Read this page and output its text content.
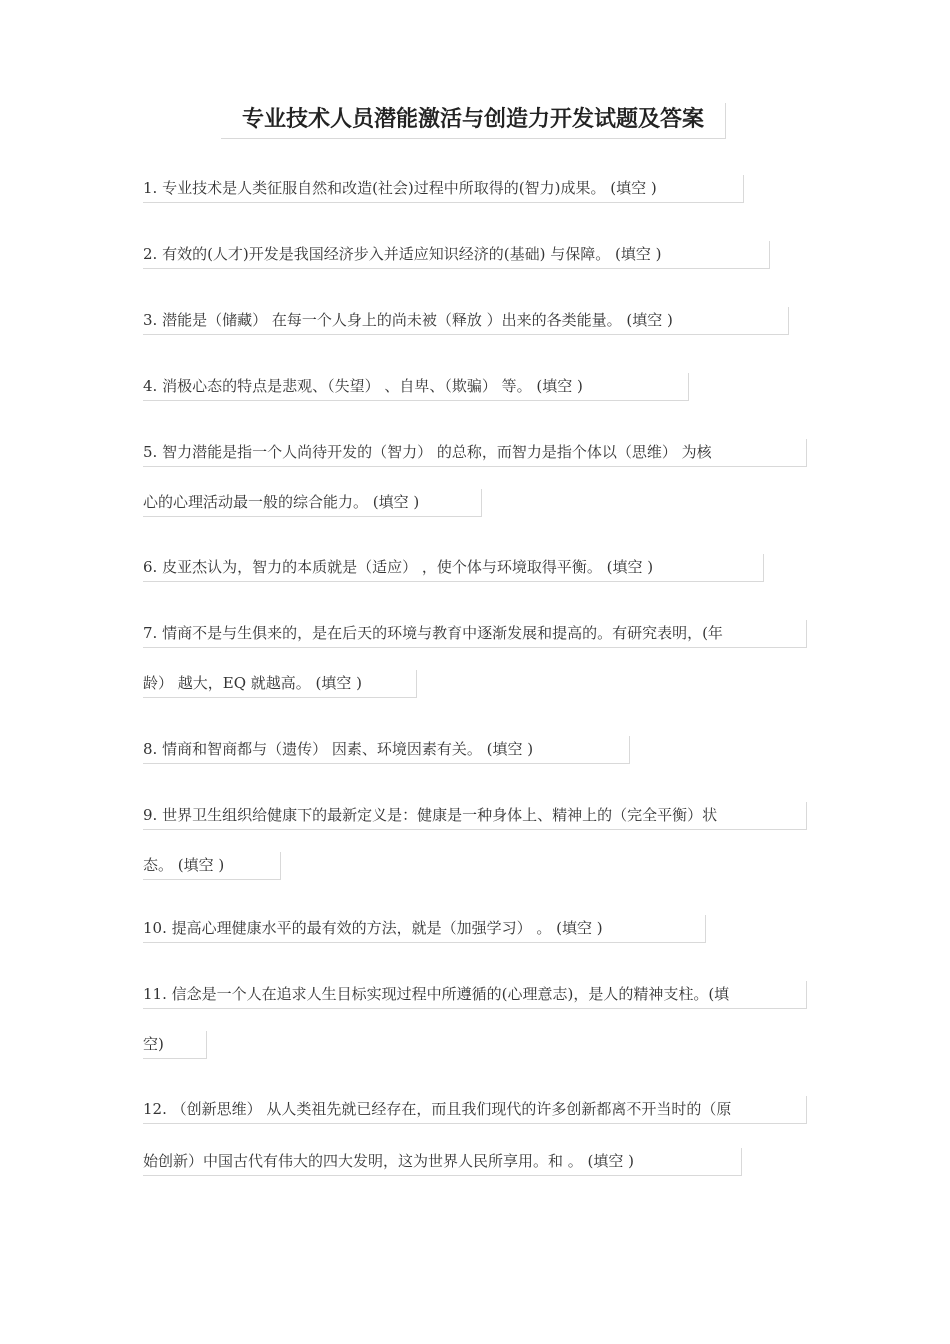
专业技术人员潜能激活与创造力开发试题及答案
1. 专业技术是人类征服自然和改造(社会)过程中所取得的(智力)成果。 (填空 )
2. 有效的(人才)开发是我国经济步入并适应知识经济的(基础) 与保障。 (填空 )
3. 潜能是（储藏） 在每一个人身上的尚未被（释放 ）出来的各类能量。 (填空 )
4. 消极心态的特点是悲观、（失望） 、自卑、（欺骗） 等。 (填空 )
5. 智力潜能是指一个人尚待开发的（智力） 的总称，而智力是指个体以（思维） 为核
心的心理活动最一般的综合能力。 (填空 )
6. 皮亚杰认为，智力的本质就是（适应） ，使个体与环境取得平衡。 (填空 )
7. 情商不是与生俱来的，是在后天的环境与教育中逐渐发展和提高的。有研究表明，(年
龄） 越大，EQ 就越高。 (填空 )
8. 情商和智商都与（遗传） 因素、环境因素有关。 (填空 )
9. 世界卫生组织给健康下的最新定义是：健康是一种身体上、精神上的（完全平衡）状
态。 (填空 )
10. 提高心理健康水平的最有效的方法，就是（加强学习） 。 (填空 )
11. 信念是一个人在追求人生目标实现过程中所遵循的(心理意志)，是人的精神支柱。(填
空)
12. （创新思维） 从人类祖先就已经存在，而且我们现代的许多创新都离不开当时的（原
始创新）中国古代有伟大的四大发明，这为世界人民所享用。和 。 (填空 )
